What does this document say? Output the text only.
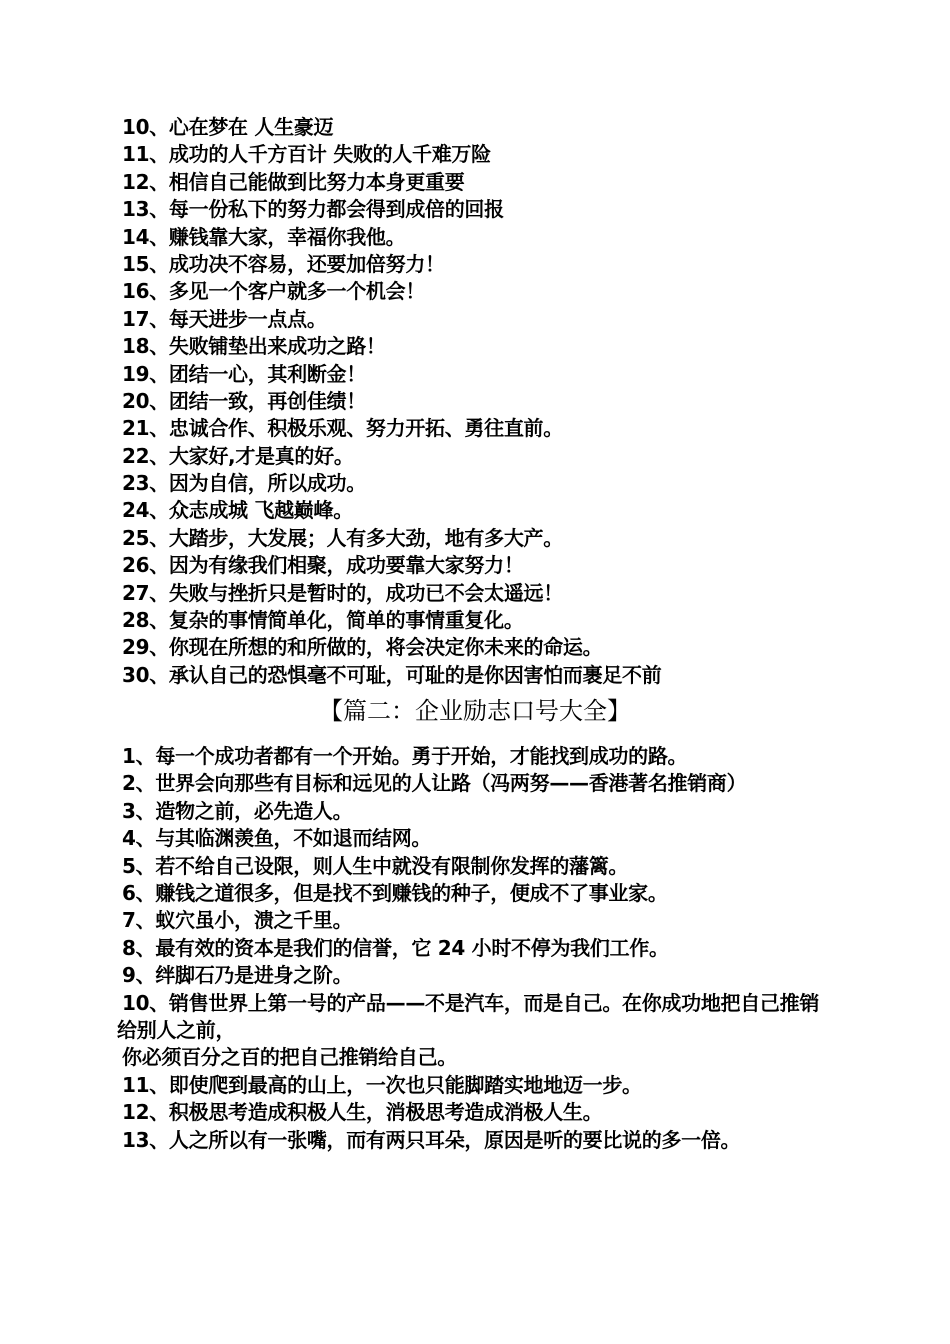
10、心在梦在 人生豪迈
11、成功的人千方百计 失败的人千难万险
12、相信自己能做到比努力本身更重要
13、每一份私下的努力都会得到成倍的回报
14、赚钱靠大家，幸福你我他。
15、成功决不容易，还要加倍努力！
16、多见一个客户就多一个机会！
17、每天进步一点点。
18、失败铺垫出来成功之路！
19、团结一心，其利断金！
20、团结一致，再创佳绩！
21、忠诚合作、积极乐观、努力开拓、勇往直前。
22、大家好,才是真的好。
23、因为自信，所以成功。
24、众志成城 飞越巅峰。
25、大踏步，大发展；人有多大劲，地有多大产。
26、因为有缘我们相聚，成功要靠大家努力！
27、失败与挫折只是暂时的，成功已不会太遥远！
28、复杂的事情简单化，简单的事情重复化。
29、你现在所想的和所做的，将会决定你未来的命运。
30、承认自己的恐惧毫不可耻，可耻的是你因害怕而裹足不前
【篇二：企业励志口号大全】
1、每一个成功者都有一个开始。勇于开始，才能找到成功的路。
2、世界会向那些有目标和远见的人让路（冯两努——香港著名推销商）
3、造物之前，必先造人。
4、与其临渊羡鱼，不如退而结网。
5、若不给自己设限，则人生中就没有限制你发挥的藩篱。
6、赚钱之道很多，但是找不到赚钱的种子，便成不了事业家。
7、蚁穴虽小，溃之千里。
8、最有效的资本是我们的信誉，它 24 小时不停为我们工作。
9、绊脚石乃是进身之阶。
10、销售世界上第一号的产品——不是汽车，而是自己。在你成功地把自己推销给别人之前，
你必须百分之百的把自己推销给自己。
11、即使爬到最高的山上，一次也只能脚踏实地地迈一步。
12、积极思考造成积极人生，消极思考造成消极人生。
13、人之所以有一张嘴，而有两只耳朵，原因是听的要比说的多一倍。
